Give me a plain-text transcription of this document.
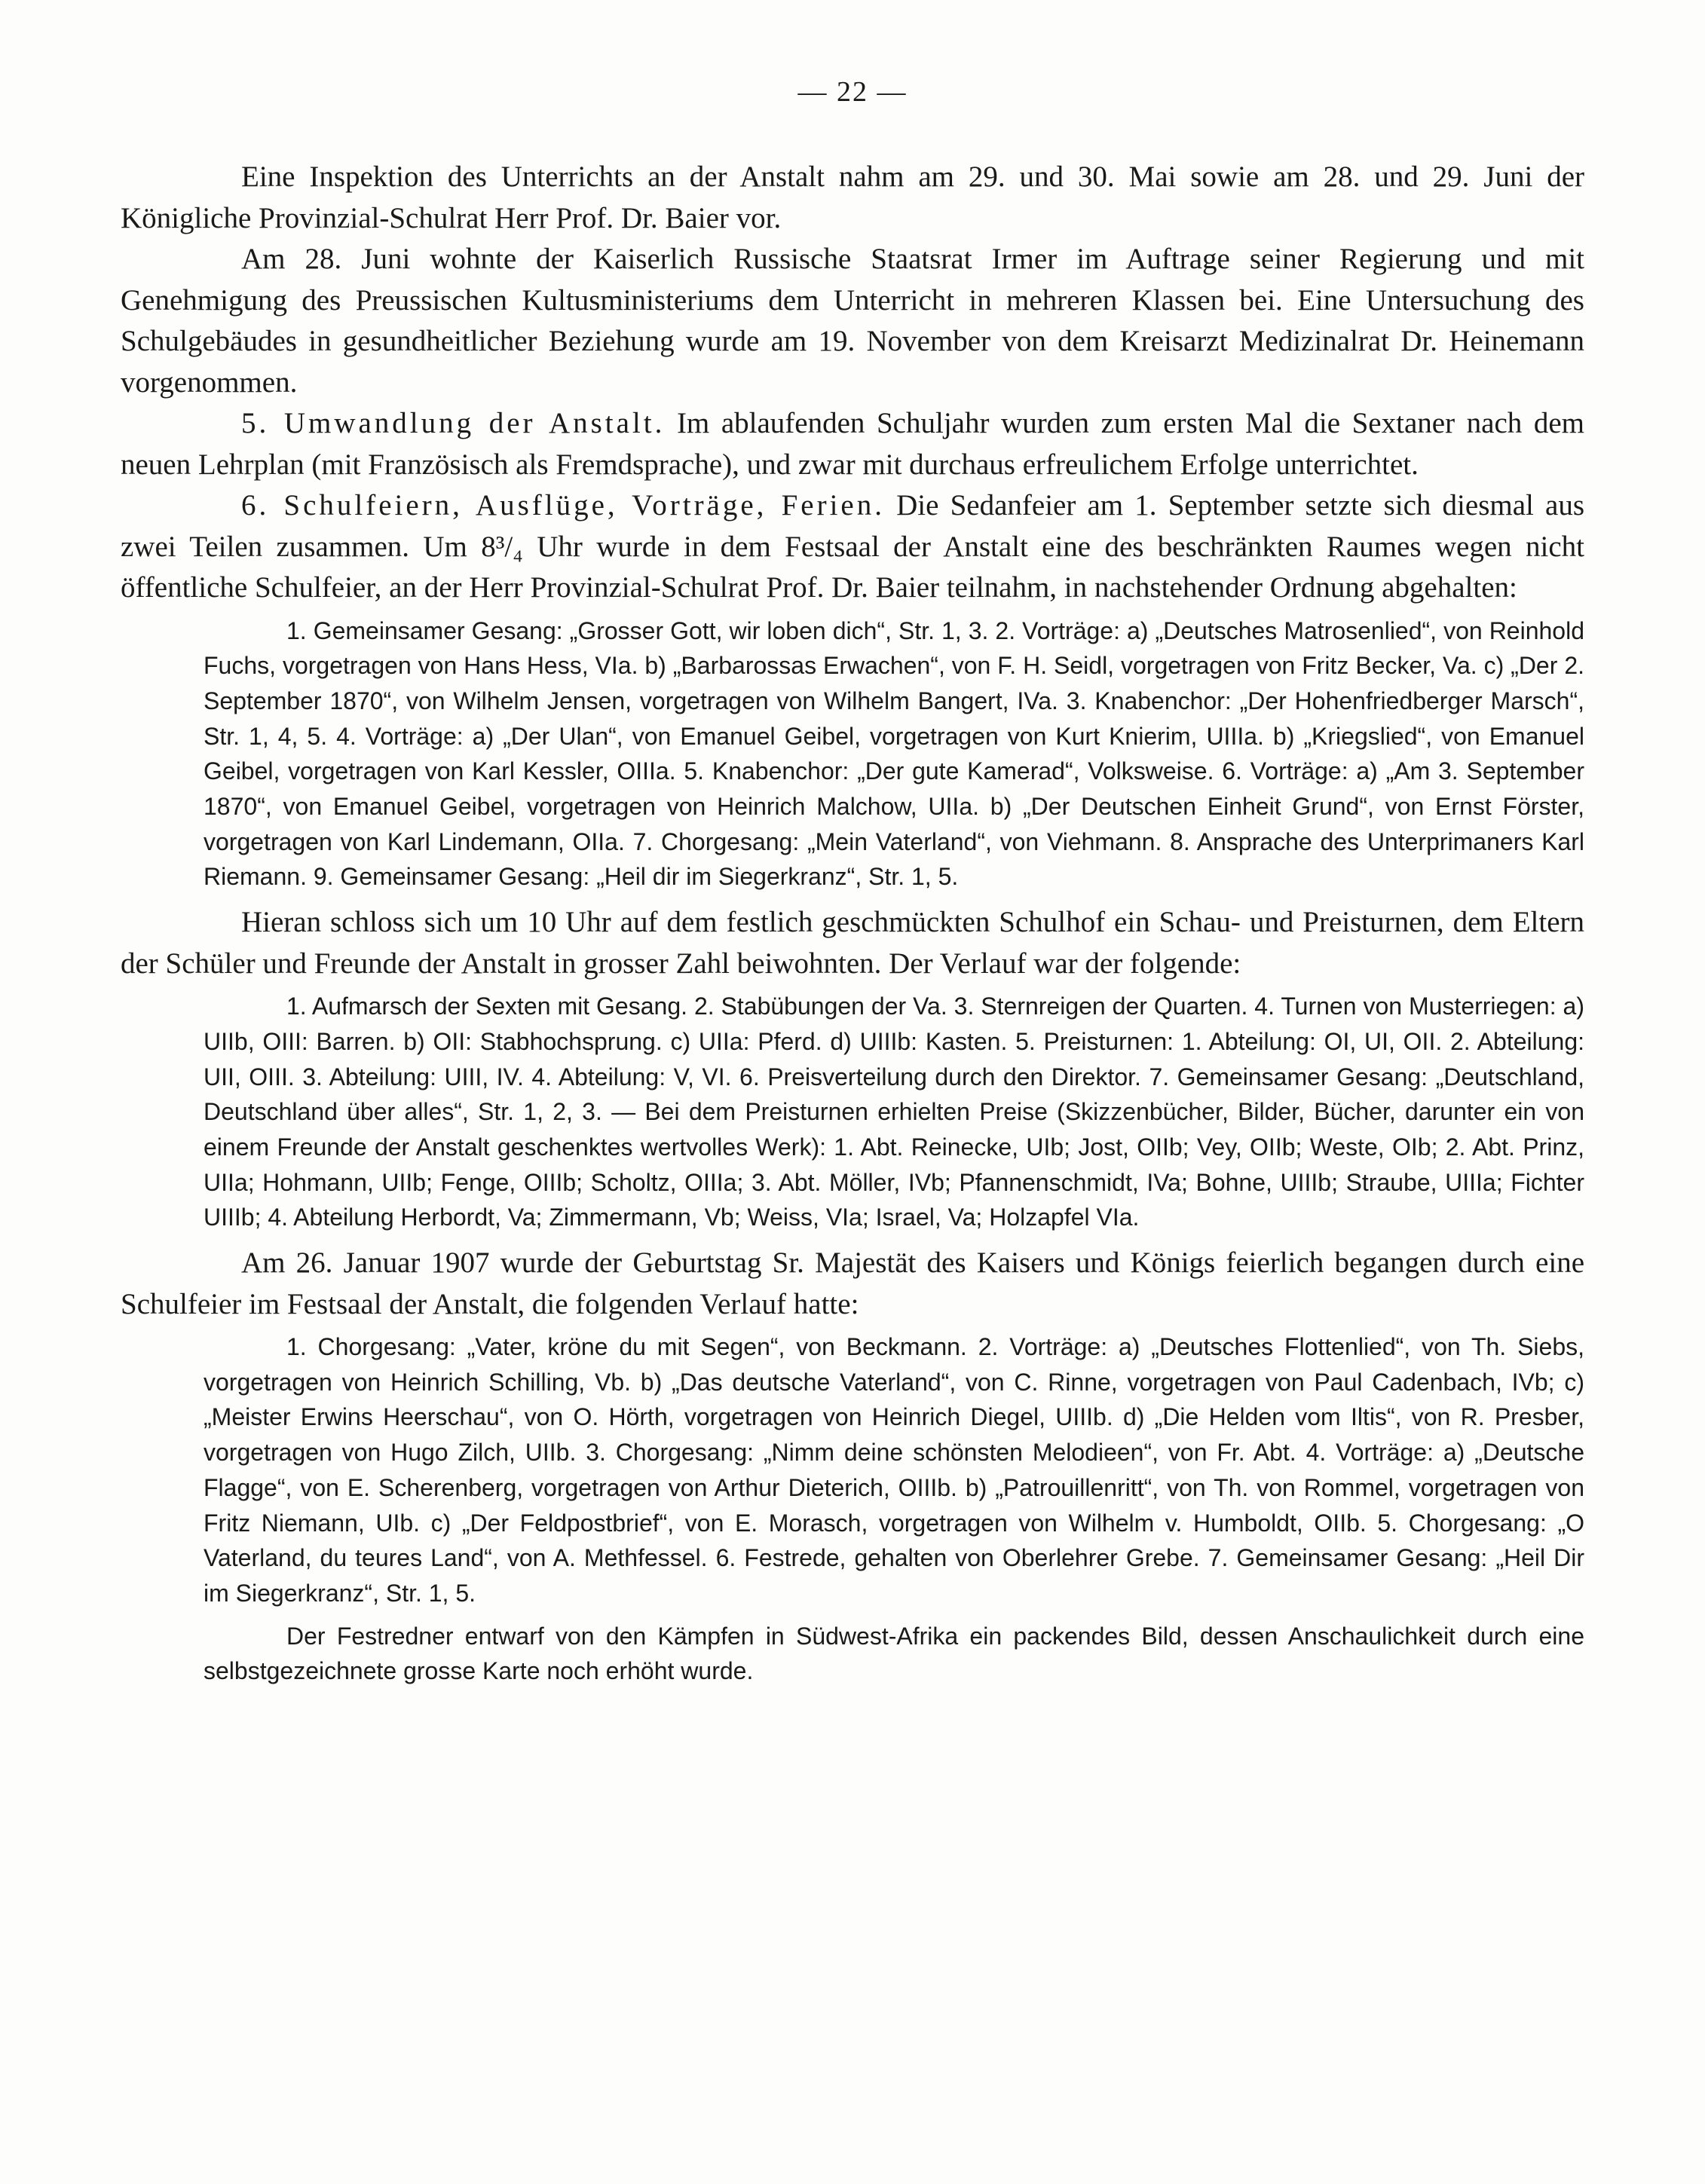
— 22 —

Eine Inspektion des Unterrichts an der Anstalt nahm am 29. und 30. Mai sowie am 28. und 29. Juni der Königliche Provinzial-Schulrat Herr Prof. Dr. Baier vor.

Am 28. Juni wohnte der Kaiserlich Russische Staatsrat Irmer im Auftrage seiner Regierung und mit Genehmigung des Preussischen Kultusministeriums dem Unterricht in mehreren Klassen bei. Eine Untersuchung des Schulgebäudes in gesundheitlicher Beziehung wurde am 19. November von dem Kreisarzt Medizinalrat Dr. Heinemann vorgenommen.

5. Umwandlung der Anstalt. Im ablaufenden Schuljahr wurden zum ersten Mal die Sextaner nach dem neuen Lehrplan (mit Französisch als Fremdsprache), und zwar mit durchaus erfreulichem Erfolge unterrichtet.

6. Schulfeiern, Ausflüge, Vorträge, Ferien. Die Sedanfeier am 1. September setzte sich diesmal aus zwei Teilen zusammen. Um 8³/₄ Uhr wurde in dem Festsaal der Anstalt eine des beschränkten Raumes wegen nicht öffentliche Schulfeier, an der Herr Provinzial-Schulrat Prof. Dr. Baier teilnahm, in nachstehender Ordnung abgehalten:

1. Gemeinsamer Gesang: „Grosser Gott, wir loben dich“, Str. 1, 3. 2. Vorträge: a) „Deutsches Matrosenlied“, von Reinhold Fuchs, vorgetragen von Hans Hess, VIa. b) „Barbarossas Erwachen“, von F. H. Seidl, vorgetragen von Fritz Becker, Va. c) „Der 2. September 1870“, von Wilhelm Jensen, vorgetragen von Wilhelm Bangert, IVa. 3. Knabenchor: „Der Hohenfriedberger Marsch“, Str. 1, 4, 5. 4. Vorträge: a) „Der Ulan“, von Emanuel Geibel, vorgetragen von Kurt Knierim, UIIIa. b) „Kriegslied“, von Emanuel Geibel, vorgetragen von Karl Kessler, OIIIa. 5. Knabenchor: „Der gute Kamerad“, Volksweise. 6. Vorträge: a) „Am 3. September 1870“, von Emanuel Geibel, vorgetragen von Heinrich Malchow, UIIa. b) „Der Deutschen Einheit Grund“, von Ernst Förster, vorgetragen von Karl Lindemann, OIIa. 7. Chorgesang: „Mein Vaterland“, von Viehmann. 8. Ansprache des Unterprimaners Karl Riemann. 9. Gemeinsamer Gesang: „Heil dir im Siegerkranz“, Str. 1, 5.

Hieran schloss sich um 10 Uhr auf dem festlich geschmückten Schulhof ein Schau- und Preisturnen, dem Eltern der Schüler und Freunde der Anstalt in grosser Zahl beiwohnten. Der Verlauf war der folgende:

1. Aufmarsch der Sexten mit Gesang. 2. Stabübungen der Va. 3. Sternreigen der Quarten. 4. Turnen von Musterriegen: a) UIIb, OIII: Barren. b) OII: Stabhochsprung. c) UIIa: Pferd. d) UIIIb: Kasten. 5. Preisturnen: 1. Abteilung: OI, UI, OII. 2. Abteilung: UII, OIII. 3. Abteilung: UIII, IV. 4. Abteilung: V, VI. 6. Preisverteilung durch den Direktor. 7. Gemeinsamer Gesang: „Deutschland, Deutschland über alles“, Str. 1, 2, 3. — Bei dem Preisturnen erhielten Preise (Skizzenbücher, Bilder, Bücher, darunter ein von einem Freunde der Anstalt geschenktes wertvolles Werk): 1. Abt. Reinecke, UIb; Jost, OIIb; Vey, OIIb; Weste, OIb; 2. Abt. Prinz, UIIa; Hohmann, UIIb; Fenge, OIIIb; Scholtz, OIIIa; 3. Abt. Möller, IVb; Pfannenschmidt, IVa; Bohne, UIIIb; Straube, UIIIa; Fichter UIIIb; 4. Abteilung Herbordt, Va; Zimmermann, Vb; Weiss, VIa; Israel, Va; Holzapfel VIa.

Am 26. Januar 1907 wurde der Geburtstag Sr. Majestät des Kaisers und Königs feierlich begangen durch eine Schulfeier im Festsaal der Anstalt, die folgenden Verlauf hatte:

1. Chorgesang: „Vater, kröne du mit Segen“, von Beckmann. 2. Vorträge: a) „Deutsches Flottenlied“, von Th. Siebs, vorgetragen von Heinrich Schilling, Vb. b) „Das deutsche Vaterland“, von C. Rinne, vorgetragen von Paul Cadenbach, IVb; c) „Meister Erwins Heerschau“, von O. Hörth, vorgetragen von Heinrich Diegel, UIIIb. d) „Die Helden vom Iltis“, von R. Presber, vorgetragen von Hugo Zilch, UIIb. 3. Chorgesang: „Nimm deine schönsten Melodieen“, von Fr. Abt. 4. Vorträge: a) „Deutsche Flagge“, von E. Scherenberg, vorgetragen von Arthur Dieterich, OIIIb. b) „Patrouillenritt“, von Th. von Rommel, vorgetragen von Fritz Niemann, UIb. c) „Der Feldpostbrief“, von E. Morasch, vorgetragen von Wilhelm v. Humboldt, OIIb. 5. Chorgesang: „O Vaterland, du teures Land“, von A. Methfessel. 6. Festrede, gehalten von Oberlehrer Grebe. 7. Gemeinsamer Gesang: „Heil Dir im Siegerkranz“, Str. 1, 5.

Der Festredner entwarf von den Kämpfen in Südwest-Afrika ein packendes Bild, dessen Anschaulichkeit durch eine selbstgezeichnete grosse Karte noch erhöht wurde.
